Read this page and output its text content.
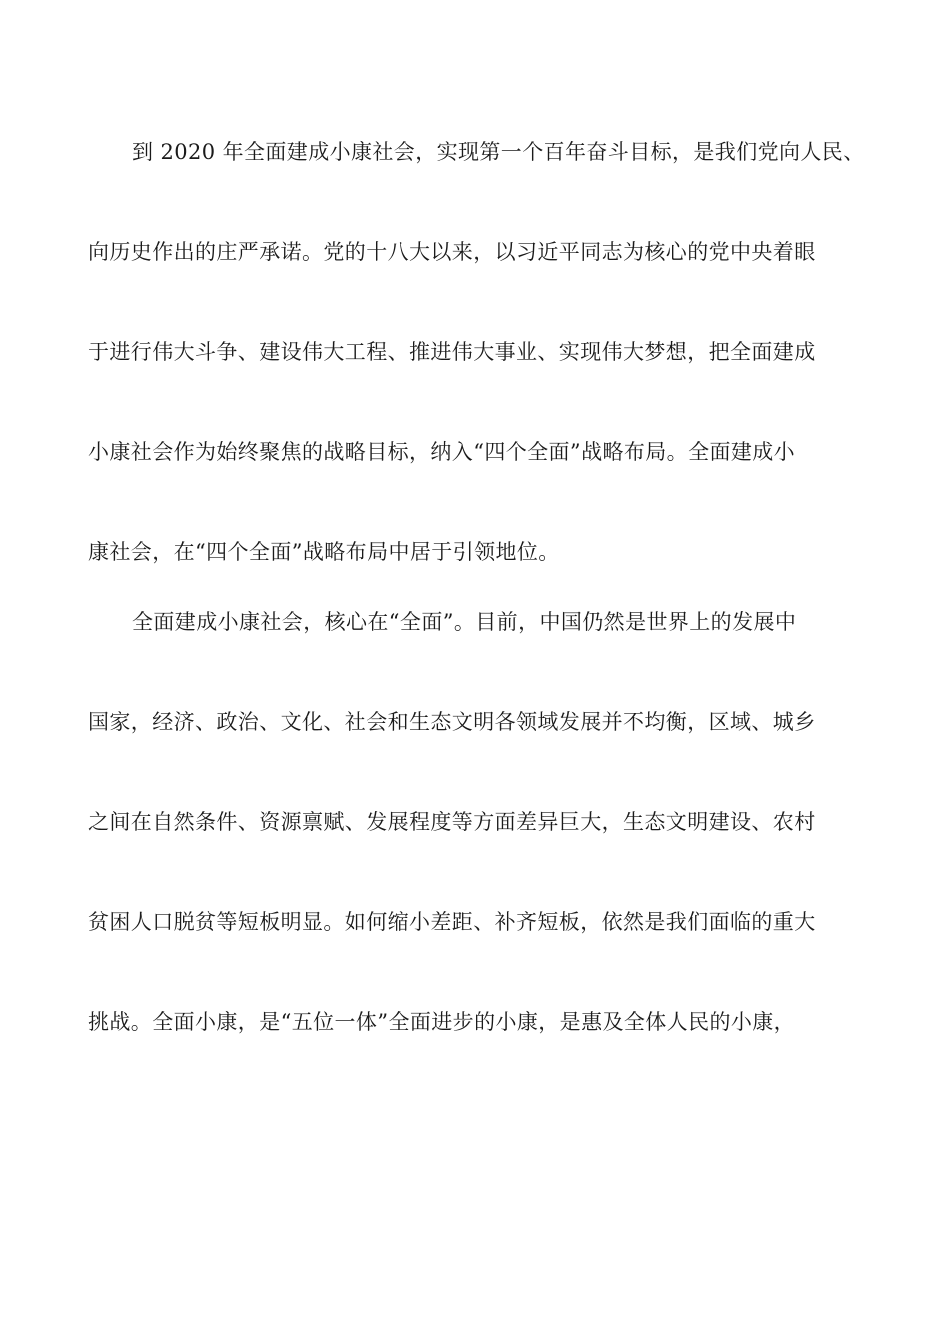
到 2020 年全面建成小康社会，实现第一个百年奋斗目标，是我们党向人民、
向历史作出的庄严承诺。党的十八大以来，以习近平同志为核心的党中央着眼
于进行伟大斗争、建设伟大工程、推进伟大事业、实现伟大梦想，把全面建成
小康社会作为始终聚焦的战略目标，纳入“四个全面”战略布局。全面建成小
康社会，在“四个全面”战略布局中居于引领地位。
全面建成小康社会，核心在“全面”。目前，中国仍然是世界上的发展中
国家，经济、政治、文化、社会和生态文明各领域发展并不均衡，区域、城乡
之间在自然条件、资源禀赋、发展程度等方面差异巨大，生态文明建设、农村
贫困人口脱贫等短板明显。如何缩小差距、补齐短板，依然是我们面临的重大
挑战。全面小康，是“五位一体”全面进步的小康，是惠及全体人民的小康，
